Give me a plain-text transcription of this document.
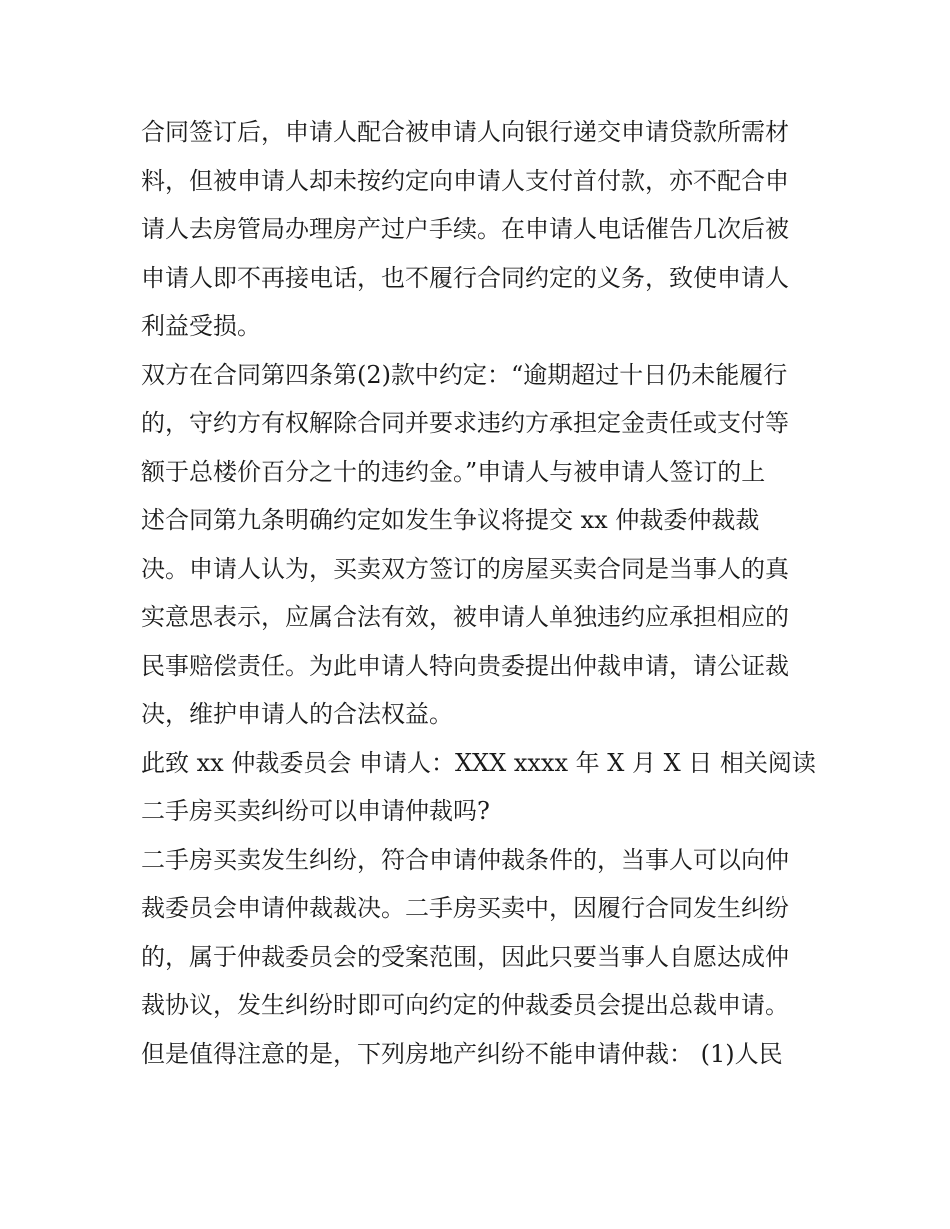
合同签订后，申请人配合被申请人向银行递交申请贷款所需材
料，但被申请人却未按约定向申请人支付首付款，亦不配合申
请人去房管局办理房产过户手续。在申请人电话催告几次后被
申请人即不再接电话，也不履行合同约定的义务，致使申请人
利益受损。
双方在合同第四条第(2)款中约定：“逾期超过十日仍未能履行
的，守约方有权解除合同并要求违约方承担定金责任或支付等
额于总楼价百分之十的违约金。”申请人与被申请人签订的上
述合同第九条明确约定如发生争议将提交 xx 仲裁委仲裁裁
决。申请人认为，买卖双方签订的房屋买卖合同是当事人的真
实意思表示，应属合法有效，被申请人单独违约应承担相应的
民事赔偿责任。为此申请人特向贵委提出仲裁申请，请公证裁
决，维护申请人的合法权益。
此致 xx 仲裁委员会 申请人：XXX xxxx 年 X 月 X 日 相关阅读
二手房买卖纠纷可以申请仲裁吗?
二手房买卖发生纠纷，符合申请仲裁条件的，当事人可以向仲
裁委员会申请仲裁裁决。二手房买卖中，因履行合同发生纠纷
的，属于仲裁委员会的受案范围，因此只要当事人自愿达成仲
裁协议，发生纠纷时即可向约定的仲裁委员会提出总裁申请。
但是值得注意的是，下列房地产纠纷不能申请仲裁： (1)人民
